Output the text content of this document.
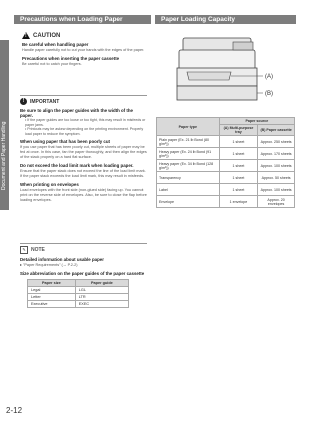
Document and Paper Handling
Precautions when Loading Paper	Paper Loading Capacity
! CAUTION
Be careful when handling paper
Handle paper carefully not to cut your hands with the edges of the paper.
Precautions when inserting the paper cassette
Be careful not to catch your fingers.
!	IMPORTANT
Be sure to align the paper guides with the width of the paper.
• If the paper guides are too loose or too tight, this may result in misfeeds or paper jams.
• Printouts may be askew depending on the printing environment. Properly load paper to reduce the symptom.
When using paper that has been poorly cut
If you use paper that has been poorly cut, multiple sheets of paper may be fed at once. In this case, fan the paper thoroughly, and then align the edges of the stack properly on a hard flat surface.
Do not exceed the load limit mark when loading paper.
Ensure that the paper stack does not exceed the line of the load limit mark. If the paper stack exceeds the load limit mark, this may result in misfeeds.
When printing on envelopes
Load envelopes with the front side (non-glued side) facing up. You cannot print on the reverse side of envelopes. Also, be sure to close the flap before loading envelopes.
✎	NOTE
Detailed information about usable paper
▸ "Paper Requirements" (→ P.2-2)
Size abbreviation on the paper guides of the paper cassette
Paper size	Paper guide
Legal	LGL
Letter	LTR
Executive	EXEC
(A)
(B)
Paper type	Paper source	
	(A) Multi-purpose tray	(B) Paper cassette
Plain paper (Ex. 21 lb Bond (80 g/m²))	1 sheet	Approx. 250 sheets
Heavy paper (Ex. 24 lb Bond (91 g/m²))	1 sheet	Approx. 170 sheets
Heavy paper (Ex. 34 lb Bond (128 g/m²))	1 sheet	Approx. 100 sheets
Transparency	1 sheet	Approx. 50 sheets
Label	1 sheet	Approx. 100 sheets
Envelope	1 envelope	Approx. 20 envelopes
2-12
